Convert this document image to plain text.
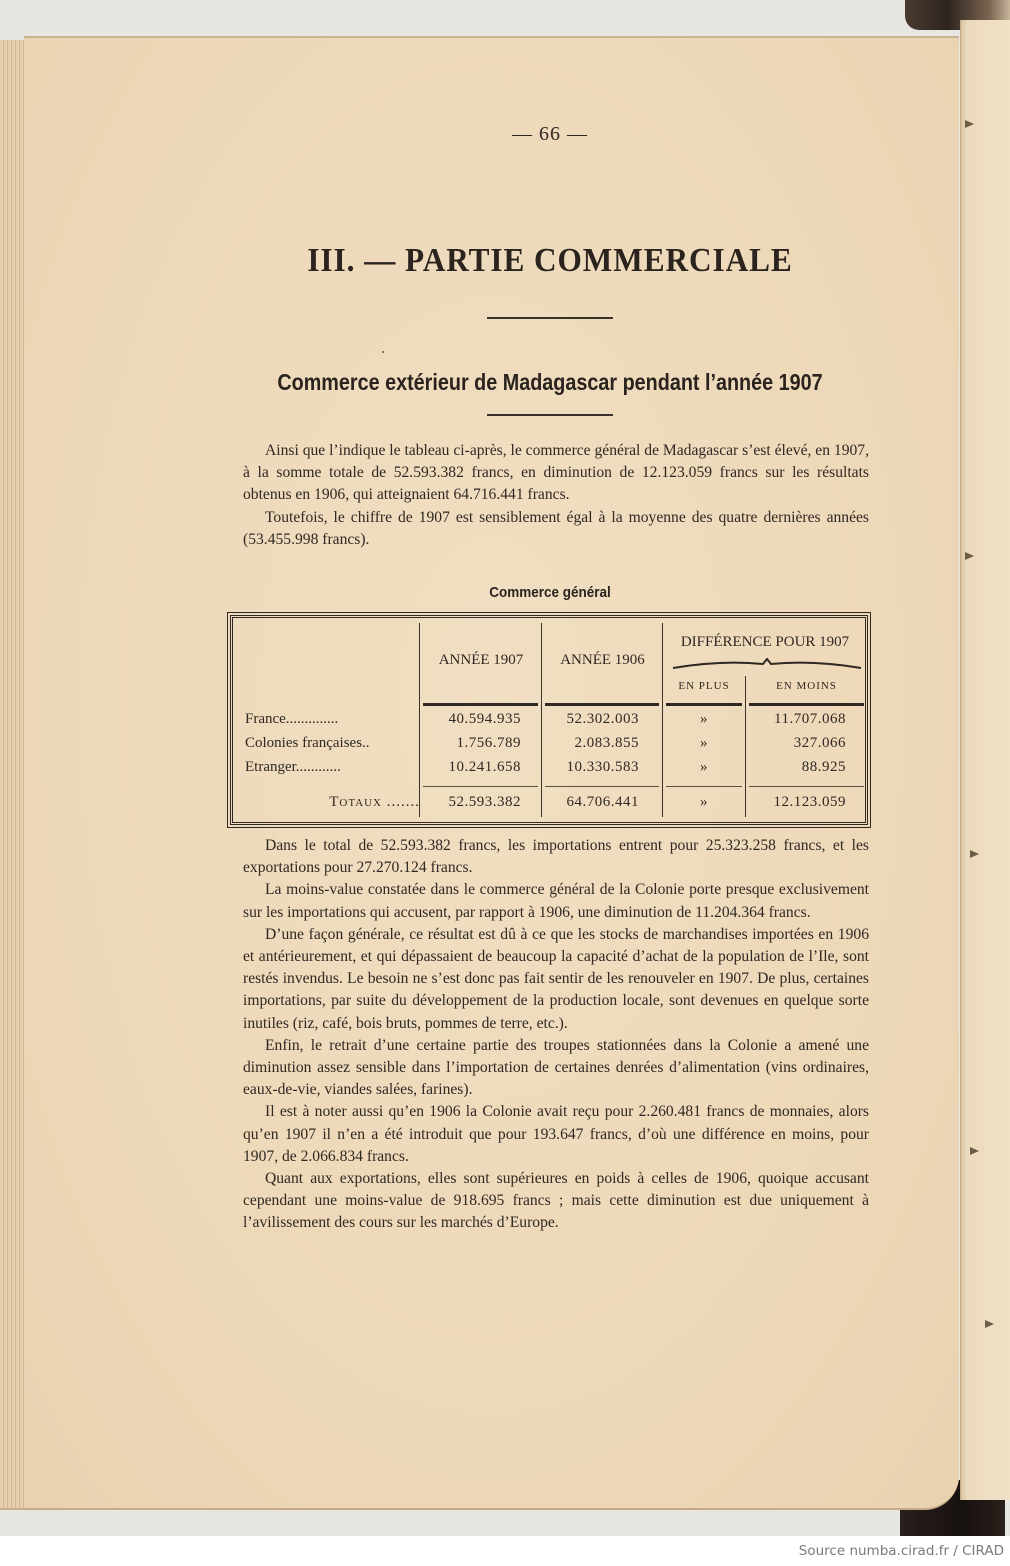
— 66 —
III. — PARTIE COMMERCIALE
Commerce extérieur de Madagascar pendant l’année 1907

Ainsi que l’indique le tableau ci-après, le commerce général de Madagascar s’est élevé, en 1907, à la somme totale de 52.593.382 francs, en diminution de 12.123.059 francs sur les résultats obtenus en 1906, qui atteignaient 64.716.441 francs.

Toutefois, le chiffre de 1907 est sensiblement égal à la moyenne des quatre dernières années (53.455.998 francs).

Commerce général
ANNÉE 1907	ANNÉE 1906
DIFFÉRENCE POUR 1907
EN PLUS	EN MOINS
France..............	40.594.935	52.302.003	»	11.707.068
Colonies françaises..	1.756.789	2.083.855	»	327.066
Etranger............	10.241.658	10.330.583	»	88.925
Totaux .......	52.593.382	64.706.441	»	12.123.059

Dans le total de 52.593.382 francs, les importations entrent pour 25.323.258 francs, et les exportations pour 27.270.124 francs.

La moins-value constatée dans le commerce général de la Colonie porte presque exclusivement sur les importations qui accusent, par rapport à 1906, une diminution de 11.204.364 francs.

D’une façon générale, ce résultat est dû à ce que les stocks de marchandises importées en 1906 et antérieurement, et qui dépassaient de beaucoup la capacité d’achat de la population de l’Ile, sont restés invendus. Le besoin ne s’est donc pas fait sentir de les renouveler en 1907. De plus, certaines importations, par suite du développement de la production locale, sont devenues en quelque sorte inutiles (riz, café, bois bruts, pommes de terre, etc.).

Enfin, le retrait d’une certaine partie des troupes stationnées dans la Colonie a amené une diminution assez sensible dans l’importation de certaines denrées d’alimentation (vins ordinaires, eaux-de-vie, viandes salées, farines).

Il est à noter aussi qu’en 1906 la Colonie avait reçu pour 2.260.481 francs de monnaies, alors qu’en 1907 il n’en a été introduit que pour 193.647 francs, d’où une différence en moins, pour 1907, de 2.066.834 francs.

Quant aux exportations, elles sont supérieures en poids à celles de 1906, quoique accusant cependant une moins-value de 918.695 francs ; mais cette diminution est due uniquement à l’avilissement des cours sur les marchés d’Europe.

Source numba.cirad.fr / CIRAD
